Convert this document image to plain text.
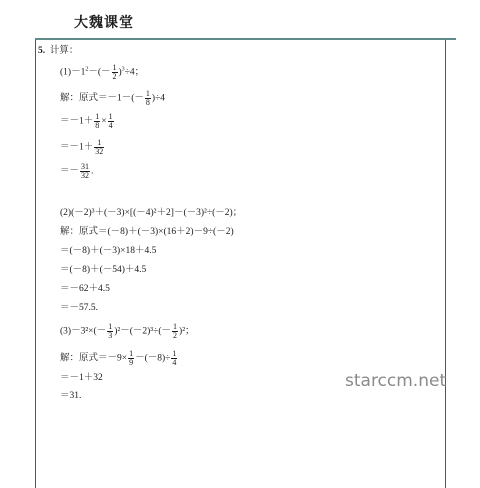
大魏课堂
5. 计算：
$(1)-1^2-(- \frac{1}{2} )^3\div 4$；
解：原式$=-1-(- \frac{1}{8} )\div 4$
$=-1+ \frac{1}{8} \times \frac{1}{4}$
$=-1+ \frac{1}{32}$
＝－ $\frac{31}{32}$ .
(2)(－2)³＋(－3)×[(－4)²＋2]－(－3)²÷(－2)；
解：原式＝(－8)＋(－3)×(16＋2)－9÷(－2)
＝(－8)＋(－3)×18＋4.5
＝(－8)＋(－54)＋4.5
＝－62＋4.5
＝－57.5.
$(3)-3^2\times(- \frac{1}{3} )^2-(-2)^3\div(- \frac{1}{2} )^2$；
解：原式$=-9\times \frac{1}{9} -(-8)\div \frac{1}{4}$
＝－1＋32
＝31.
starccm.net
